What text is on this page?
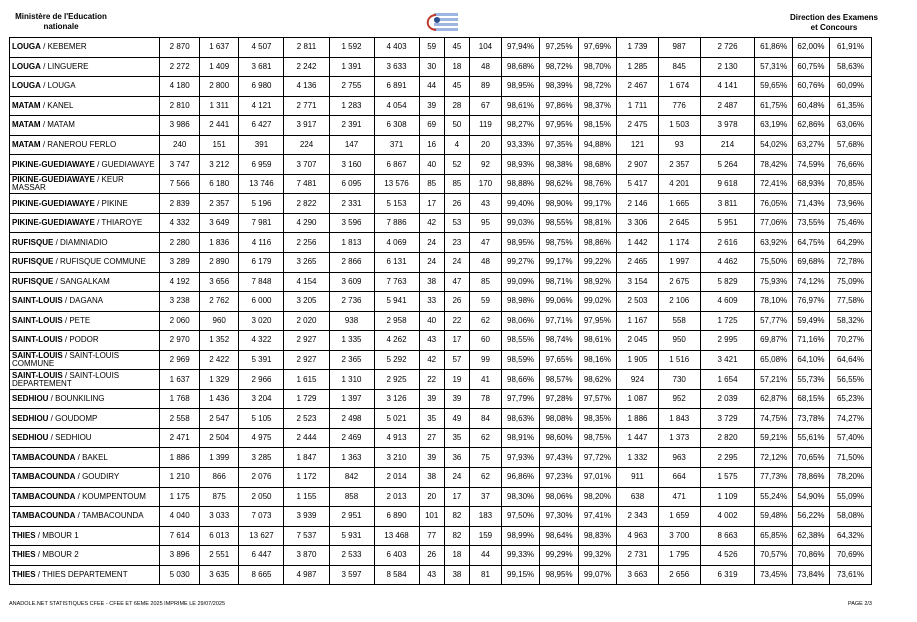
Ministère de l'Education
nationale
Direction des Examens
et Concours
LOUGA / KEBEMER	2 870	1 637	4 507	2 811	1 592	4 403	59	45	104	97,94%	97,25%	97,69%	1 739	987	2 726	61,86%	62,00%	61,91%
LOUGA / LINGUERE	2 272	1 409	3 681	2 242	1 391	3 633	30	18	48	98,68%	98,72%	98,70%	1 285	845	2 130	57,31%	60,75%	58,63%
LOUGA / LOUGA	4 180	2 800	6 980	4 136	2 755	6 891	44	45	89	98,95%	98,39%	98,72%	2 467	1 674	4 141	59,65%	60,76%	60,09%
MATAM / KANEL	2 810	1 311	4 121	2 771	1 283	4 054	39	28	67	98,61%	97,86%	98,37%	1 711	776	2 487	61,75%	60,48%	61,35%
MATAM / MATAM	3 986	2 441	6 427	3 917	2 391	6 308	69	50	119	98,27%	97,95%	98,15%	2 475	1 503	3 978	63,19%	62,86%	63,06%
MATAM / RANEROU FERLO	240	151	391	224	147	371	16	4	20	93,33%	97,35%	94,88%	121	93	214	54,02%	63,27%	57,68%
PIKINE-GUEDIAWAYE / GUEDIAWAYE	3 747	3 212	6 959	3 707	3 160	6 867	40	52	92	98,93%	98,38%	98,68%	2 907	2 357	5 264	78,42%	74,59%	76,66%
PIKINE-GUEDIAWAYE / KEUR MASSAR	7 566	6 180	13 746	7 481	6 095	13 576	85	85	170	98,88%	98,62%	98,76%	5 417	4 201	9 618	72,41%	68,93%	70,85%
PIKINE-GUEDIAWAYE / PIKINE	2 839	2 357	5 196	2 822	2 331	5 153	17	26	43	99,40%	98,90%	99,17%	2 146	1 665	3 811	76,05%	71,43%	73,96%
PIKINE-GUEDIAWAYE / THIAROYE	4 332	3 649	7 981	4 290	3 596	7 886	42	53	95	99,03%	98,55%	98,81%	3 306	2 645	5 951	77,06%	73,55%	75,46%
RUFISQUE / DIAMNIADIO	2 280	1 836	4 116	2 256	1 813	4 069	24	23	47	98,95%	98,75%	98,86%	1 442	1 174	2 616	63,92%	64,75%	64,29%
RUFISQUE / RUFISQUE COMMUNE	3 289	2 890	6 179	3 265	2 866	6 131	24	24	48	99,27%	99,17%	99,22%	2 465	1 997	4 462	75,50%	69,68%	72,78%
RUFISQUE / SANGALKAM	4 192	3 656	7 848	4 154	3 609	7 763	38	47	85	99,09%	98,71%	98,92%	3 154	2 675	5 829	75,93%	74,12%	75,09%
SAINT-LOUIS / DAGANA	3 238	2 762	6 000	3 205	2 736	5 941	33	26	59	98,98%	99,06%	99,02%	2 503	2 106	4 609	78,10%	76,97%	77,58%
SAINT-LOUIS / PETE	2 060	960	3 020	2 020	938	2 958	40	22	62	98,06%	97,71%	97,95%	1 167	558	1 725	57,77%	59,49%	58,32%
SAINT-LOUIS / PODOR	2 970	1 352	4 322	2 927	1 335	4 262	43	17	60	98,55%	98,74%	98,61%	2 045	950	2 995	69,87%	71,16%	70,27%
SAINT-LOUIS / SAINT-LOUIS COMMUNE	2 969	2 422	5 391	2 927	2 365	5 292	42	57	99	98,59%	97,65%	98,16%	1 905	1 516	3 421	65,08%	64,10%	64,64%
SAINT-LOUIS / SAINT-LOUIS DEPARTEMENT	1 637	1 329	2 966	1 615	1 310	2 925	22	19	41	98,66%	98,57%	98,62%	924	730	1 654	57,21%	55,73%	56,55%
SEDHIOU / BOUNKILING	1 768	1 436	3 204	1 729	1 397	3 126	39	39	78	97,79%	97,28%	97,57%	1 087	952	2 039	62,87%	68,15%	65,23%
SEDHIOU / GOUDOMP	2 558	2 547	5 105	2 523	2 498	5 021	35	49	84	98,63%	98,08%	98,35%	1 886	1 843	3 729	74,75%	73,78%	74,27%
SEDHIOU / SEDHIOU	2 471	2 504	4 975	2 444	2 469	4 913	27	35	62	98,91%	98,60%	98,75%	1 447	1 373	2 820	59,21%	55,61%	57,40%
TAMBACOUNDA / BAKEL	1 886	1 399	3 285	1 847	1 363	3 210	39	36	75	97,93%	97,43%	97,72%	1 332	963	2 295	72,12%	70,65%	71,50%
TAMBACOUNDA / GOUDIRY	1 210	866	2 076	1 172	842	2 014	38	24	62	96,86%	97,23%	97,01%	911	664	1 575	77,73%	78,86%	78,20%
TAMBACOUNDA / KOUMPENTOUM	1 175	875	2 050	1 155	858	2 013	20	17	37	98,30%	98,06%	98,20%	638	471	1 109	55,24%	54,90%	55,09%
TAMBACOUNDA / TAMBACOUNDA	4 040	3 033	7 073	3 939	2 951	6 890	101	82	183	97,50%	97,30%	97,41%	2 343	1 659	4 002	59,48%	56,22%	58,08%
THIES / MBOUR 1	7 614	6 013	13 627	7 537	5 931	13 468	77	82	159	98,99%	98,64%	98,83%	4 963	3 700	8 663	65,85%	62,38%	64,32%
THIES / MBOUR 2	3 896	2 551	6 447	3 870	2 533	6 403	26	18	44	99,33%	99,29%	99,32%	2 731	1 795	4 526	70,57%	70,86%	70,69%
THIES / THIES DEPARTEMENT	5 030	3 635	8 665	4 987	3 597	8 584	43	38	81	99,15%	98,95%	99,07%	3 663	2 656	6 319	73,45%	73,84%	73,61%
ANADOLE.NET STATISTIQUES CFEE - CFEE ET 6EME 2025 IMPRIME LE 29/07/2025	PAGE 2/3
